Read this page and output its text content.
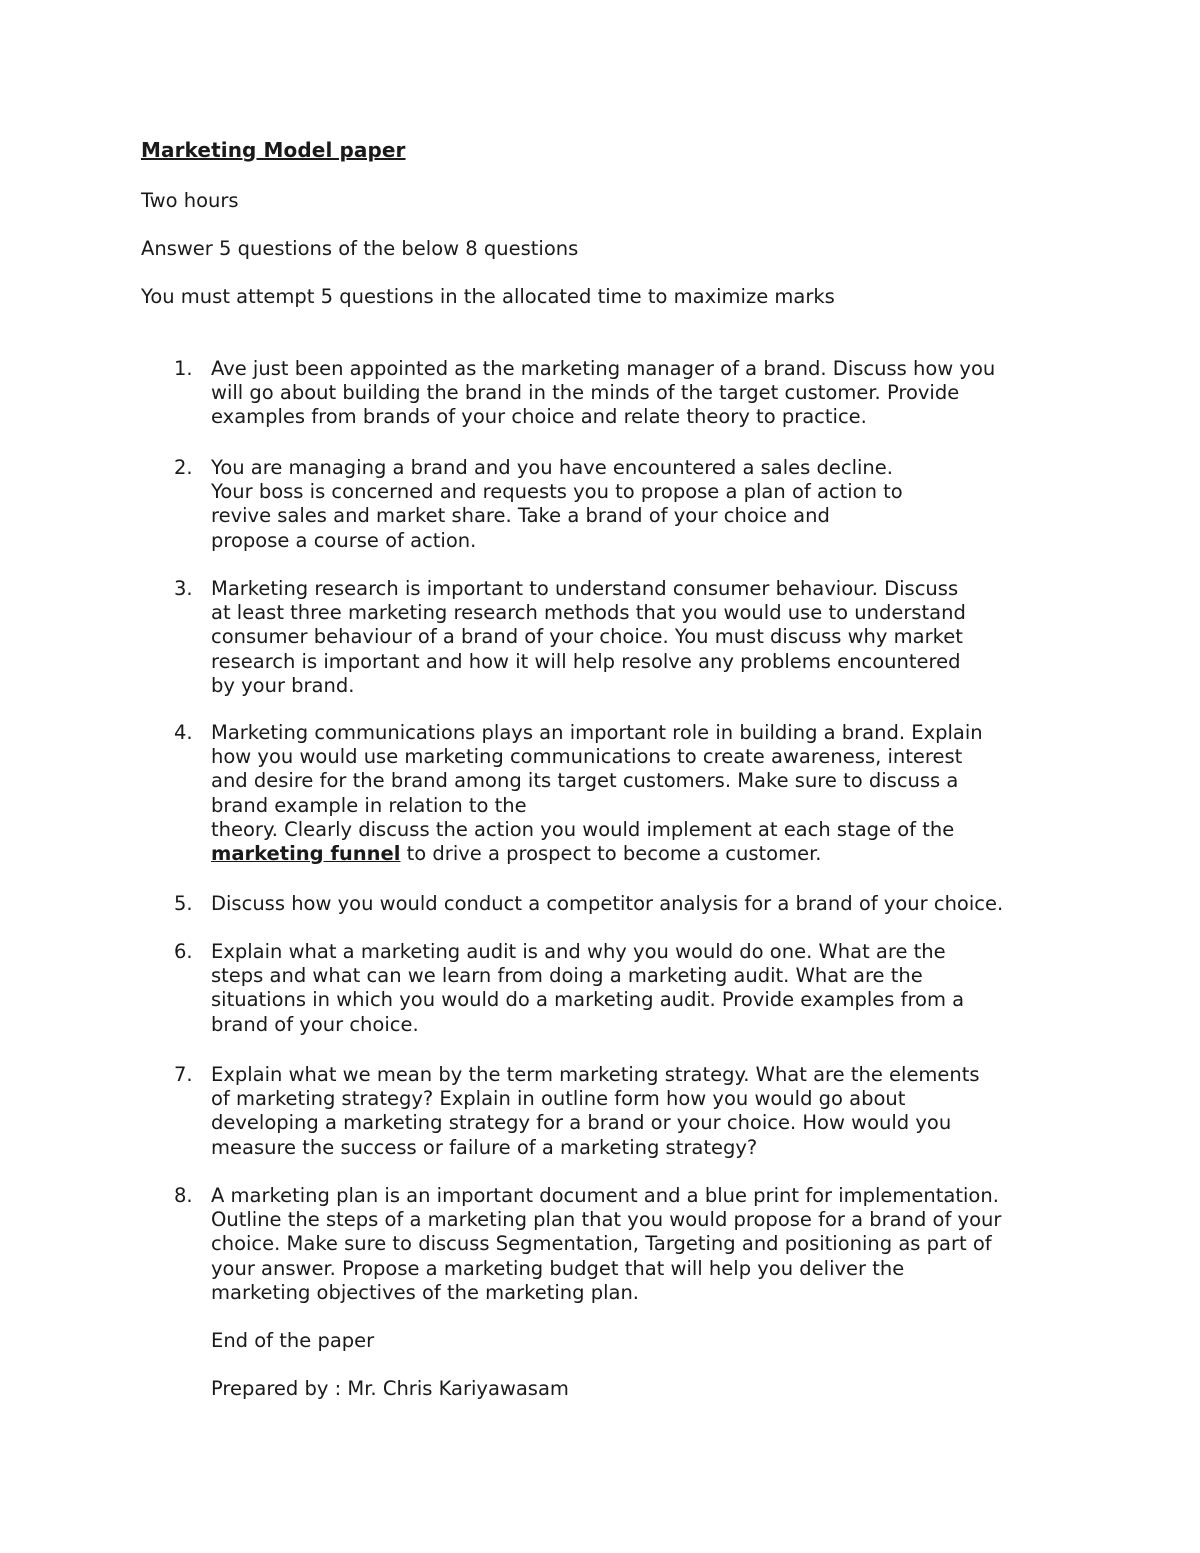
Marketing Model paper
Two hours
Answer 5 questions of the below 8 questions
You must attempt 5 questions in the allocated time to maximize marks
1. Ave just been appointed as the marketing manager of a brand. Discuss how you
will go about building the brand in the minds of the target customer. Provide
examples from brands of your choice and relate theory to practice.
2. You are managing a brand and you have encountered a sales decline.
Your boss is concerned and requests you to propose a plan of action to
revive sales and market share. Take a brand of your choice and
propose a course of action.
3. Marketing research is important to understand consumer behaviour. Discuss
at least three marketing research methods that you would use to understand
consumer behaviour of a brand of your choice. You must discuss why market
research is important and how it will help resolve any problems encountered
by your brand.
4. Marketing communications plays an important role in building a brand. Explain
how you would use marketing communications to create awareness, interest
and desire for the brand among its target customers. Make sure to discuss a
brand example in relation to the
theory. Clearly discuss the action you would implement at each stage of the
marketing funnel to drive a prospect to become a customer.
5. Discuss how you would conduct a competitor analysis for a brand of your choice.
6. Explain what a marketing audit is and why you would do one. What are the
steps and what can we learn from doing a marketing audit. What are the
situations in which you would do a marketing audit. Provide examples from a
brand of your choice.
7. Explain what we mean by the term marketing strategy. What are the elements
of marketing strategy? Explain in outline form how you would go about
developing a marketing strategy for a brand or your choice. How would you
measure the success or failure of a marketing strategy?
8. A marketing plan is an important document and a blue print for implementation.
Outline the steps of a marketing plan that you would propose for a brand of your
choice. Make sure to discuss Segmentation, Targeting and positioning as part of
your answer. Propose a marketing budget that will help you deliver the
marketing objectives of the marketing plan.
End of the paper
Prepared by : Mr. Chris Kariyawasam
